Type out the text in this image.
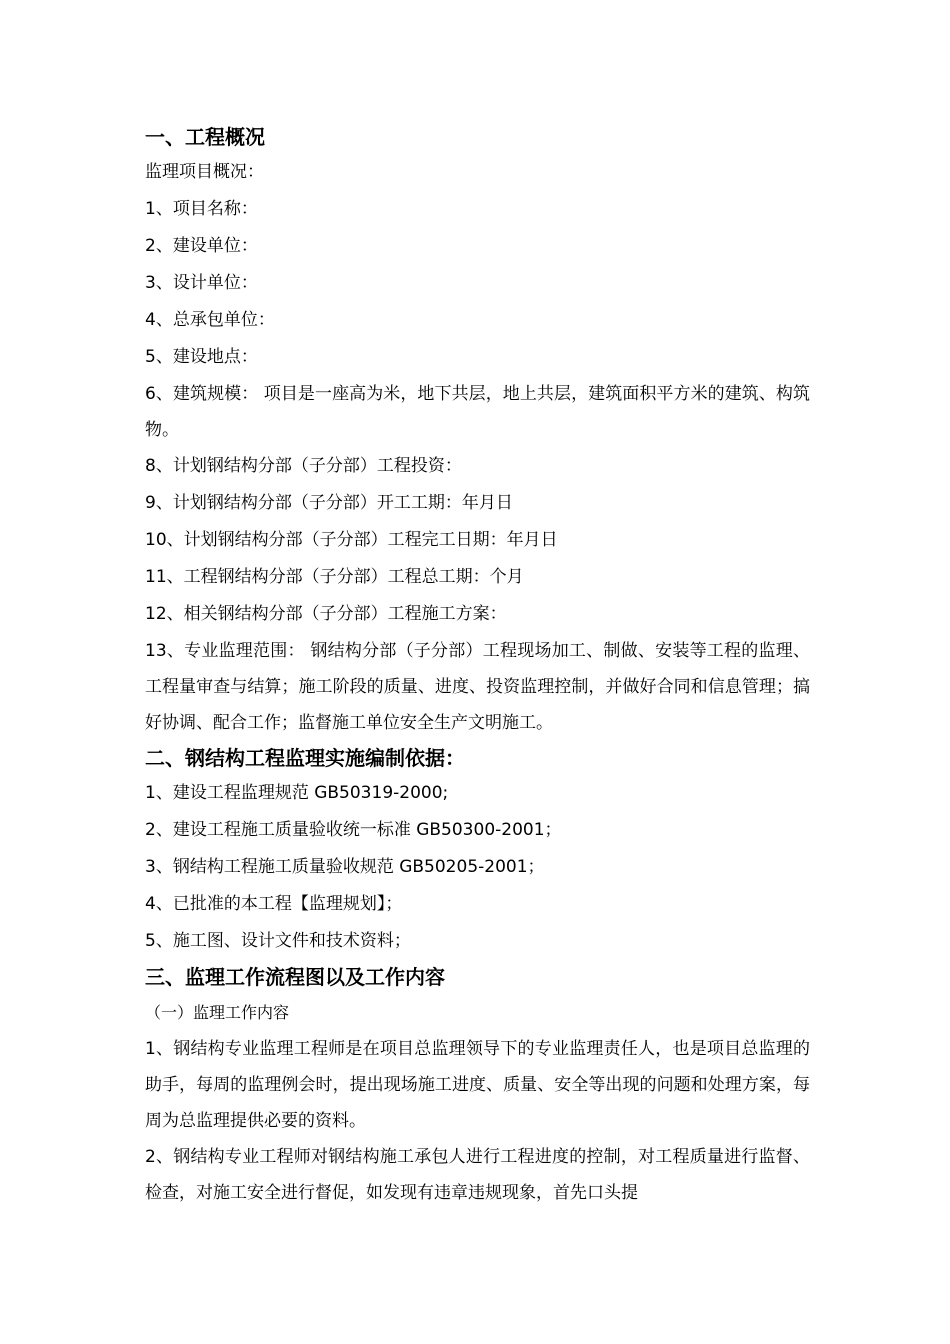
一、工程概况
监理项目概况：
1、项目名称：
2、建设单位：
3、设计单位：
4、总承包单位：
5、建设地点：
6、建筑规模： 项目是一座高为米，地下共层，地上共层，建筑面积平方米的建筑、构筑物。
8、计划钢结构分部（子分部）工程投资：
9、计划钢结构分部（子分部）开工工期：年月日
10、计划钢结构分部（子分部）工程完工日期：年月日
11、工程钢结构分部（子分部）工程总工期：个月
12、相关钢结构分部（子分部）工程施工方案：
13、专业监理范围： 钢结构分部（子分部）工程现场加工、制做、安装等工程的监理、工程量审查与结算；施工阶段的质量、进度、投资监理控制，并做好合同和信息管理；搞好协调、配合工作；监督施工单位安全生产文明施工。
二、钢结构工程监理实施编制依据：
1、建设工程监理规范 GB50319-2000;
2、建设工程施工质量验收统一标准 GB50300-2001；
3、钢结构工程施工质量验收规范 GB50205-2001；
4、已批准的本工程【监理规划】；
5、施工图、设计文件和技术资料；
三、监理工作流程图以及工作内容
（一）监理工作内容
1、钢结构专业监理工程师是在项目总监理领导下的专业监理责任人，也是项目总监理的助手，每周的监理例会时，提出现场施工进度、质量、安全等出现的问题和处理方案，每周为总监理提供必要的资料。
2、钢结构专业工程师对钢结构施工承包人进行工程进度的控制，对工程质量进行监督、检查，对施工安全进行督促，如发现有违章违规现象，首先口头提
